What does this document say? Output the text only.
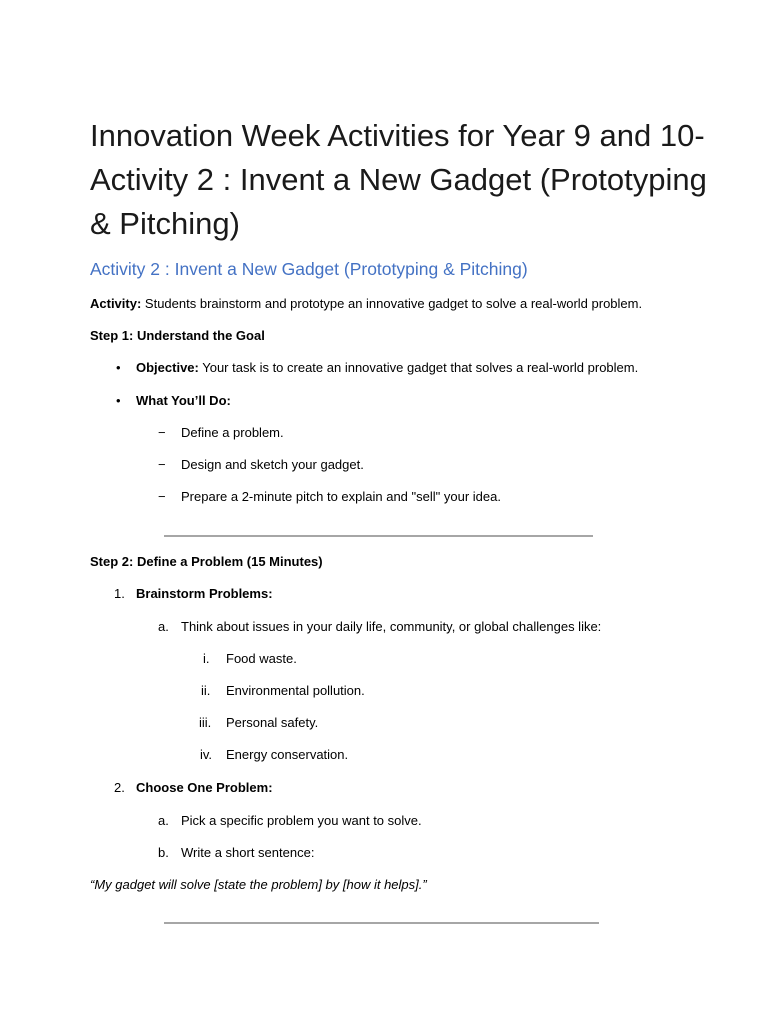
Innovation Week Activities for Year 9 and 10- Activity 2 : Invent a New Gadget (Prototyping & Pitching)
Activity 2 : Invent a New Gadget (Prototyping & Pitching)
Activity: Students brainstorm and prototype an innovative gadget to solve a real-world problem.
Step 1: Understand the Goal
• Objective: Your task is to create an innovative gadget that solves a real-world problem.
• What You’ll Do:
− Define a problem.
− Design and sketch your gadget.
− Prepare a 2-minute pitch to explain and "sell" your idea.
Step 2: Define a Problem (15 Minutes)
1. Brainstorm Problems:
a. Think about issues in your daily life, community, or global challenges like:
i. Food waste.
ii. Environmental pollution.
iii. Personal safety.
iv. Energy conservation.
2. Choose One Problem:
a. Pick a specific problem you want to solve.
b. Write a short sentence:
“My gadget will solve [state the problem] by [how it helps].”
